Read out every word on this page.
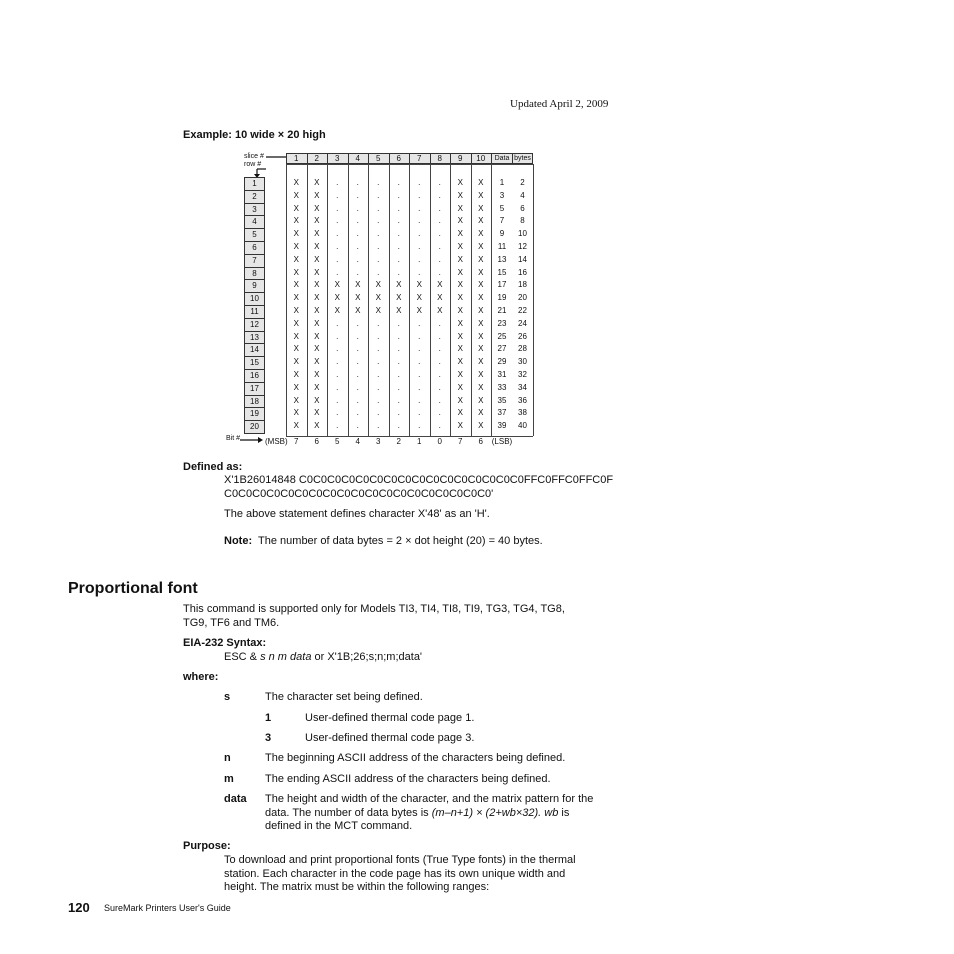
Updated April 2, 2009
Example: 10 wide × 20 high
slice #
row #
Bit #
1	2	3	4	5	6	7	8	9	10	Data bytes
1	X	X	.	.	.	.	.	.	X	X	1	2
2	X	X	.	.	.	.	.	.	X	X	3	4
3	X	X	.	.	.	.	.	.	X	X	5	6
4	X	X	.	.	.	.	.	.	X	X	7	8
5	X	X	.	.	.	.	.	.	X	X	9	10
6	X	X	.	.	.	.	.	.	X	X	11	12
7	X	X	.	.	.	.	.	.	X	X	13	14
8	X	X	.	.	.	.	.	.	X	X	15	16
9	X	X	X	X	X	X	X	X	X	X	17	18
10	X	X	X	X	X	X	X	X	X	X	19	20
11	X	X	X	X	X	X	X	X	X	X	21	22
12	X	X	.	.	.	.	.	.	X	X	23	24
13	X	X	.	.	.	.	.	.	X	X	25	26
14	X	X	.	.	.	.	.	.	X	X	27	28
15	X	X	.	.	.	.	.	.	X	X	29	30
16	X	X	.	.	.	.	.	.	X	X	31	32
17	X	X	.	.	.	.	.	.	X	X	33	34
18	X	X	.	.	.	.	.	.	X	X	35	36
19	X	X	.	.	.	.	.	.	X	X	37	38
20	X	X	.	.	.	.	.	.	X	X	39	40
(MSB) 7	6	5	4	3	2	1	0	7	6	(LSB)
Defined as:
X'1B26014848 C0C0C0C0C0C0C0C0C0C0C0C0C0C0C0C0FFC0FFC0FFC0F
C0C0C0C0C0C0C0C0C0C0C0C0C0C0C0C0C0C0C0'
The above statement defines character X'48' as an 'H'.
Note: The number of data bytes = 2 × dot height (20) = 40 bytes.
Proportional font
This command is supported only for Models TI3, TI4, TI8, TI9, TG3, TG4, TG8,
TG9, TF6 and TM6.
EIA-232 Syntax:
ESC & s n m data or X'1B;26;s;n;m;data'
where:
s	The character set being defined.
1	User-defined thermal code page 1.
3	User-defined thermal code page 3.
n	The beginning ASCII address of the characters being defined.
m	The ending ASCII address of the characters being defined.
data The height and width of the character, and the matrix pattern for the
data. The number of data bytes is (m–n+1) × (2+wb×32). wb is
defined in the MCT command.
Purpose:
To download and print proportional fonts (True Type fonts) in the thermal
station. Each character in the code page has its own unique width and
height. The matrix must be within the following ranges:
120 SureMark Printers User's Guide
